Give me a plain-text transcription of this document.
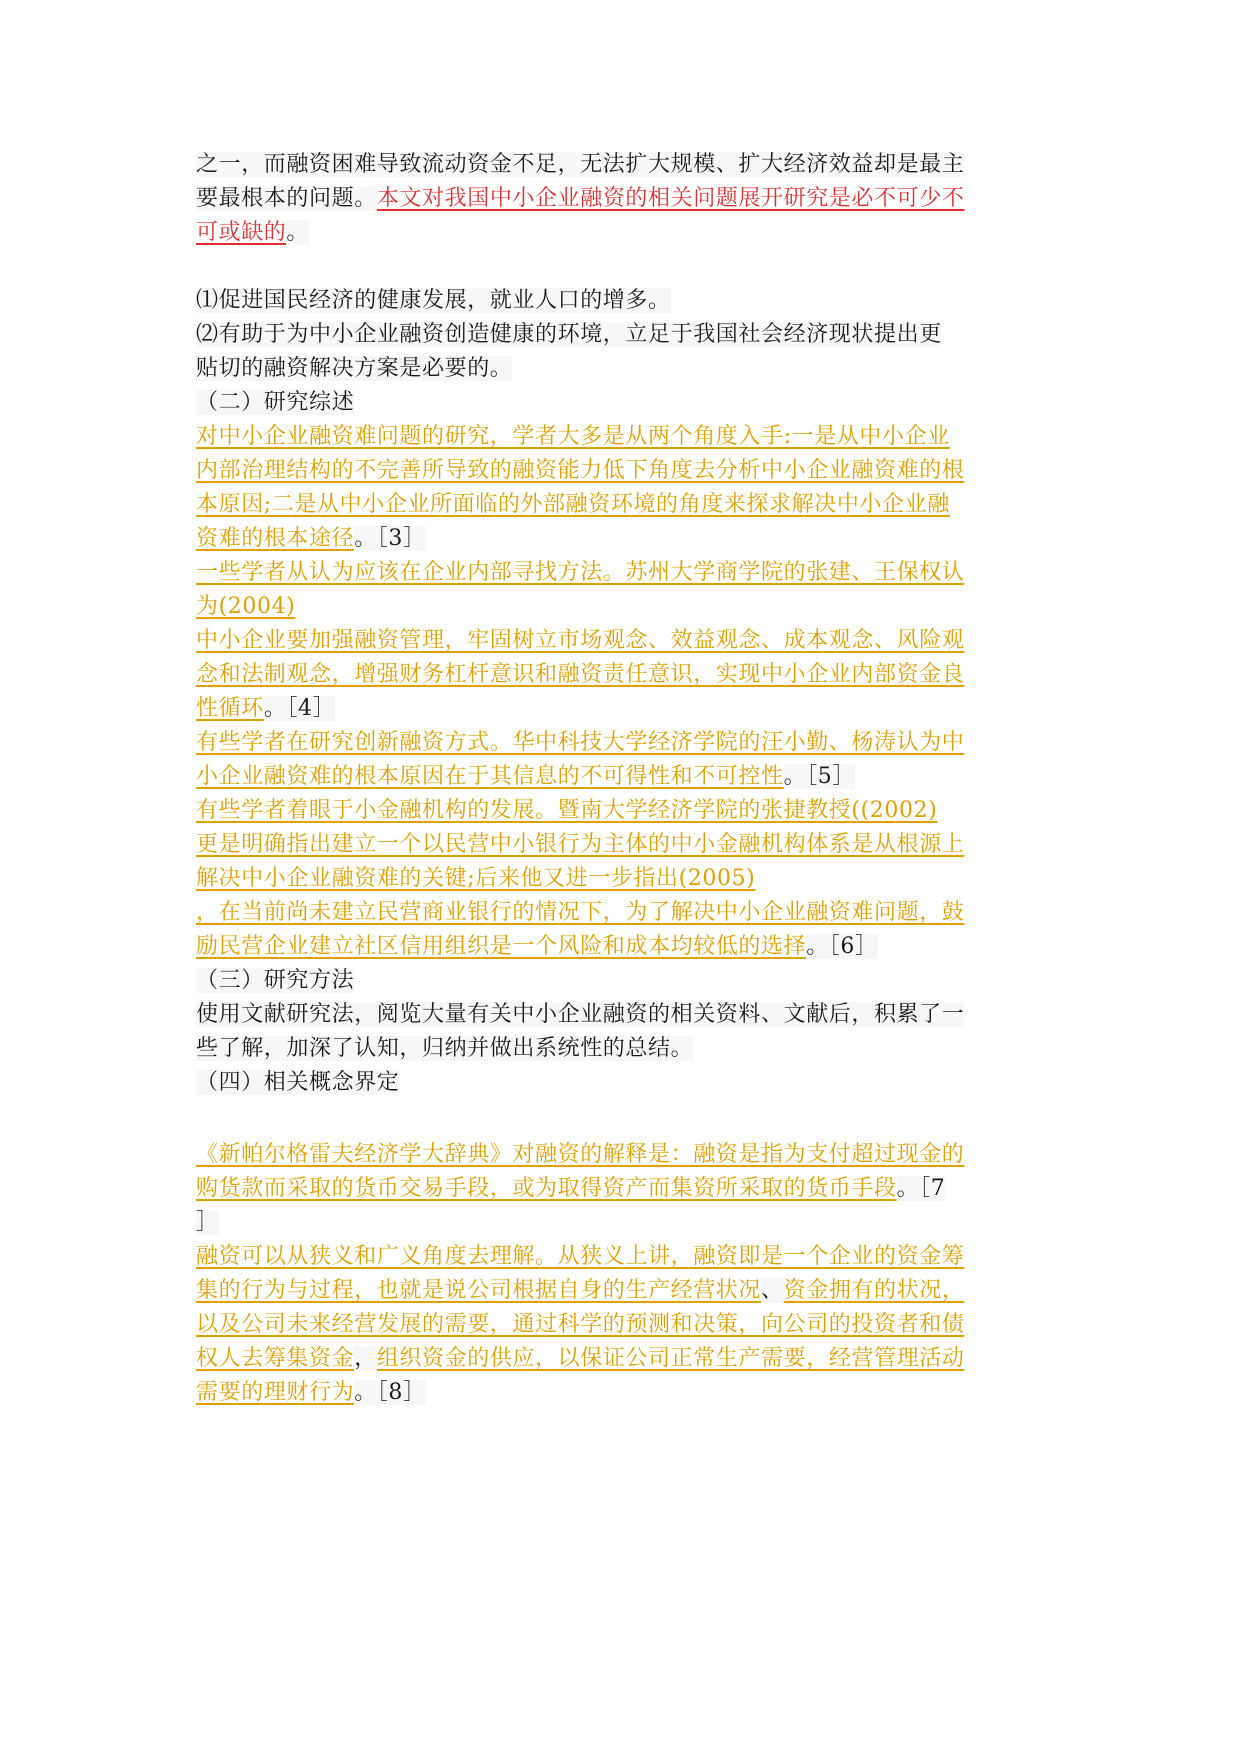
之一，而融资困难导致流动资金不足，无法扩大规模、扩大经济效益却是最主
要最根本的问题。本文对我国中小企业融资的相关问题展开研究是必不可少不
可或缺的。
⑴促进国民经济的健康发展，就业人口的增多。
⑵有助于为中小企业融资创造健康的环境，立足于我国社会经济现状提出更
贴切的融资解决方案是必要的。
（二）研究综述
对中小企业融资难问题的研究，学者大多是从两个角度入手:一是从中小企业
内部治理结构的不完善所导致的融资能力低下角度去分析中小企业融资难的根
本原因;二是从中小企业所面临的外部融资环境的角度来探求解决中小企业融
资难的根本途径。［3］
一些学者从认为应该在企业内部寻找方法。苏州大学商学院的张建、王保权认
为(2004)
中小企业要加强融资管理，牢固树立市场观念、效益观念、成本观念、风险观
念和法制观念，增强财务杠杆意识和融资责任意识，实现中小企业内部资金良
性循环。［4］
有些学者在研究创新融资方式。华中科技大学经济学院的汪小勤、杨涛认为中
小企业融资难的根本原因在于其信息的不可得性和不可控性。［5］
有些学者着眼于小金融机构的发展。暨南大学经济学院的张捷教授((2002)
更是明确指出建立一个以民营中小银行为主体的中小金融机构体系是从根源上
解决中小企业融资难的关键;后来他又进一步指出(2005)
，在当前尚未建立民营商业银行的情况下，为了解决中小企业融资难问题，鼓
励民营企业建立社区信用组织是一个风险和成本均较低的选择。［6］
（三）研究方法
使用文献研究法，阅览大量有关中小企业融资的相关资料、文献后，积累了一
些了解，加深了认知，归纳并做出系统性的总结。
（四）相关概念界定
《新帕尔格雷夫经济学大辞典》对融资的解释是：融资是指为支付超过现金的
购货款而采取的货币交易手段，或为取得资产而集资所采取的货币手段。［7
］
融资可以从狭义和广义角度去理解。从狭义上讲，融资即是一个企业的资金筹
集的行为与过程，也就是说公司根据自身的生产经营状况、资金拥有的状况，
以及公司未来经营发展的需要，通过科学的预测和决策，向公司的投资者和债
权人去筹集资金，组织资金的供应，以保证公司正常生产需要，经营管理活动
需要的理财行为。［8］
